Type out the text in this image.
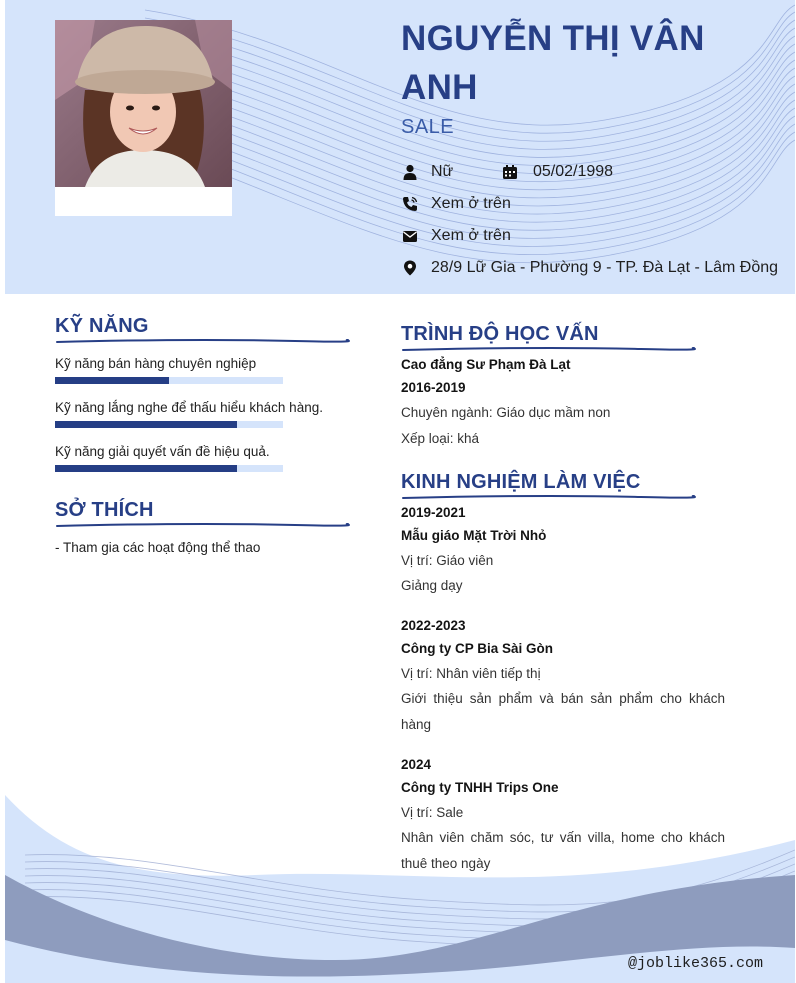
NGUYỄN THỊ VÂN ANH
SALE
Nữ	05/02/1998
Xem ở trên
Xem ở trên
28/9 Lữ Gia - Phường 9 - TP. Đà Lạt - Lâm Đồng
KỸ NĂNG
Kỹ năng bán hàng chuyên nghiệp
Kỹ năng lắng nghe để thấu hiểu khách hàng.
Kỹ năng giải quyết vấn đề hiệu quả.
SỞ THÍCH
- Tham gia các hoạt động thể thao
TRÌNH ĐỘ HỌC VẤN
Cao đẳng Sư Phạm Đà Lạt
2016-2019
Chuyên ngành: Giáo dục mầm non
Xếp loại: khá
KINH NGHIỆM LÀM VIỆC
2019-2021
Mẫu giáo Mặt Trời Nhỏ
Vị trí: Giáo viên
Giảng dạy
2022-2023
Công ty CP Bia Sài Gòn
Vị trí: Nhân viên tiếp thị
Giới thiệu sản phẩm và bán sản phẩm cho khách hàng
2024
Công ty TNHH Trips One
Vị trí: Sale
Nhân viên chăm sóc, tư vấn villa, home cho khách thuê theo ngày
@joblike365.com
